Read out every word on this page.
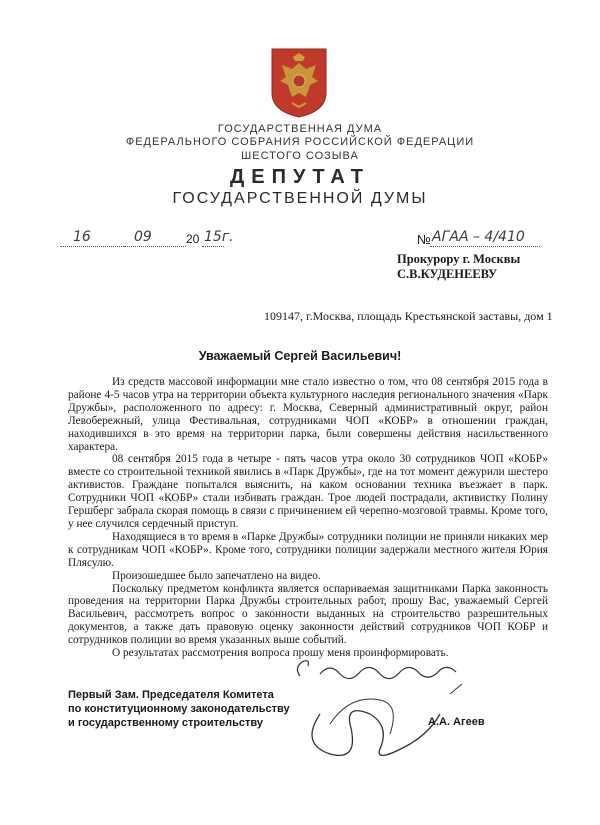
ГОСУДАРСТВЕННАЯ ДУМА
ФЕДЕРАЛЬНОГО СОБРАНИЯ РОССИЙСКОЙ ФЕДЕРАЦИИ
ШЕСТОГО СОЗЫВА
ДЕПУТАТ
ГОСУДАРСТВЕННОЙ ДУМЫ
16	09	20 15г.	№ АГАА – 4/410
Прокурору г. Москвы
С.В.КУДЕНЕЕВУ
109147, г.Москва, площадь Крестьянской заставы, дом 1
Уважаемый Сергей Васильевич!

Из средств массовой информации мне стало известно о том, что 08 сентября 2015 года в районе 4-5 часов утра на территории объекта культурного наследия регионального значения «Парк Дружбы», расположенного по адресу: г. Москва, Северный административный округ, район Левобережный, улица Фестивальная, сотрудниками ЧОП «КОБР» в отношении граждан, находившихся в это время на территории парка, были совершены действия насильственного характера.

08 сентября 2015 года в четыре - пять часов утра около 30 сотрудников ЧОП «КОБР» вместе со строительной техникой явились в «Парк Дружбы», где на тот момент дежурили шестеро активистов. Граждане попытался выяснить, на каком основании техника въезжает в парк. Сотрудники ЧОП «КОБР» стали избивать граждан. Трое людей пострадали, активистку Полину Гершберг забрала скорая помощь в связи с причинением ей черепно-мозговой травмы. Кроме того, у нее случился сердечный приступ.

Находящиеся в то время в «Парке Дружбы» сотрудники полиции не приняли никаких мер к сотрудникам ЧОП «КОБР». Кроме того, сотрудники полиции задержали местного жителя Юрия Плясулю.

Произошедшее было запечатлено на видео.

Поскольку предметом конфликта является оспариваемая защитниками Парка законность проведения на территории Парка Дружбы строительных работ, прошу Вас, уважаемый Сергей Васильевич, рассмотреть вопрос о законности выданных на строительство разрешительных документов, а также дать правовую оценку законности действий сотрудников ЧОП КОБР и сотрудников полиции во время указанных выше событий.

О результатах рассмотрения вопроса прошу меня проинформировать.

Первый Зам. Председателя Комитета
по конституционному законодательству
и государственному строительству	А.А. Агеев
